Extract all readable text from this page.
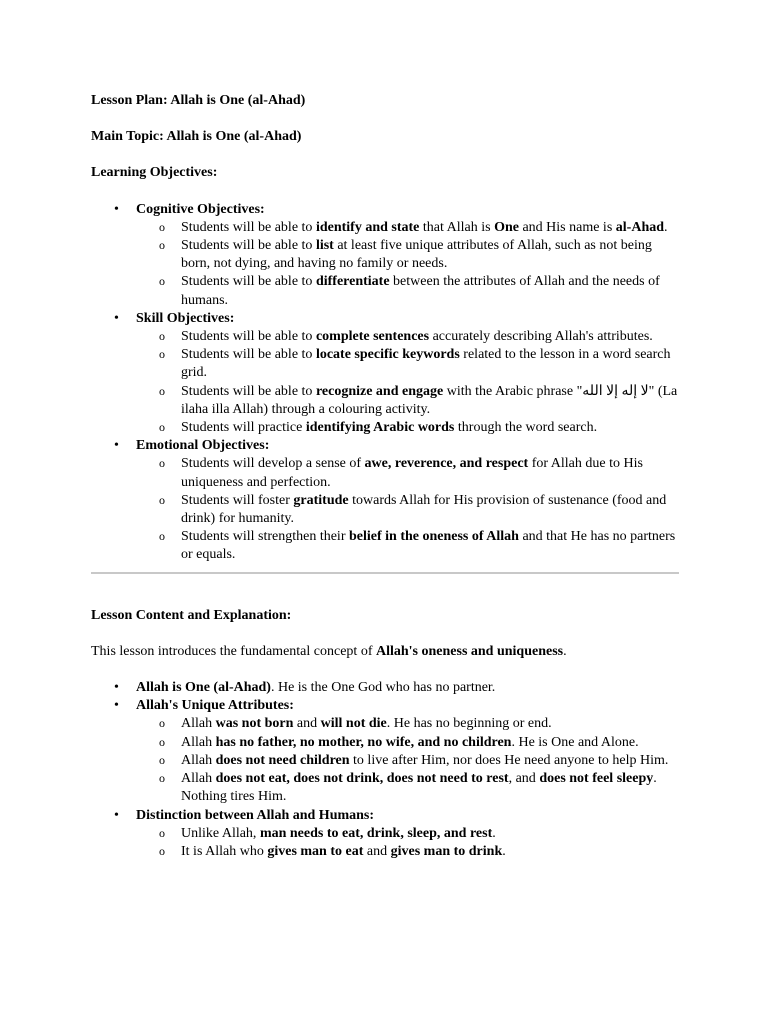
Lesson Plan: Allah is One (al-Ahad)

Main Topic: Allah is One (al-Ahad)

Learning Objectives:

• Cognitive Objectives:
o Students will be able to identify and state that Allah is One and His name is al-Ahad.
o Students will be able to list at least five unique attributes of Allah, such as not being born, not dying, and having no family or needs.
o Students will be able to differentiate between the attributes of Allah and the needs of humans.
• Skill Objectives:
o Students will be able to complete sentences accurately describing Allah's attributes.
o Students will be able to locate specific keywords related to the lesson in a word search grid.
o Students will be able to recognize and engage with the Arabic phrase "لا إله إلا الله" (La ilaha illa Allah) through a colouring activity.
o Students will practice identifying Arabic words through the word search.
• Emotional Objectives:
o Students will develop a sense of awe, reverence, and respect for Allah due to His uniqueness and perfection.
o Students will foster gratitude towards Allah for His provision of sustenance (food and drink) for humanity.
o Students will strengthen their belief in the oneness of Allah and that He has no partners or equals.

Lesson Content and Explanation:

This lesson introduces the fundamental concept of Allah's oneness and uniqueness.

• Allah is One (al-Ahad). He is the One God who has no partner.
• Allah's Unique Attributes:
o Allah was not born and will not die. He has no beginning or end.
o Allah has no father, no mother, no wife, and no children. He is One and Alone.
o Allah does not need children to live after Him, nor does He need anyone to help Him.
o Allah does not eat, does not drink, does not need to rest, and does not feel sleepy. Nothing tires Him.
• Distinction between Allah and Humans:
o Unlike Allah, man needs to eat, drink, sleep, and rest.
o It is Allah who gives man to eat and gives man to drink.
